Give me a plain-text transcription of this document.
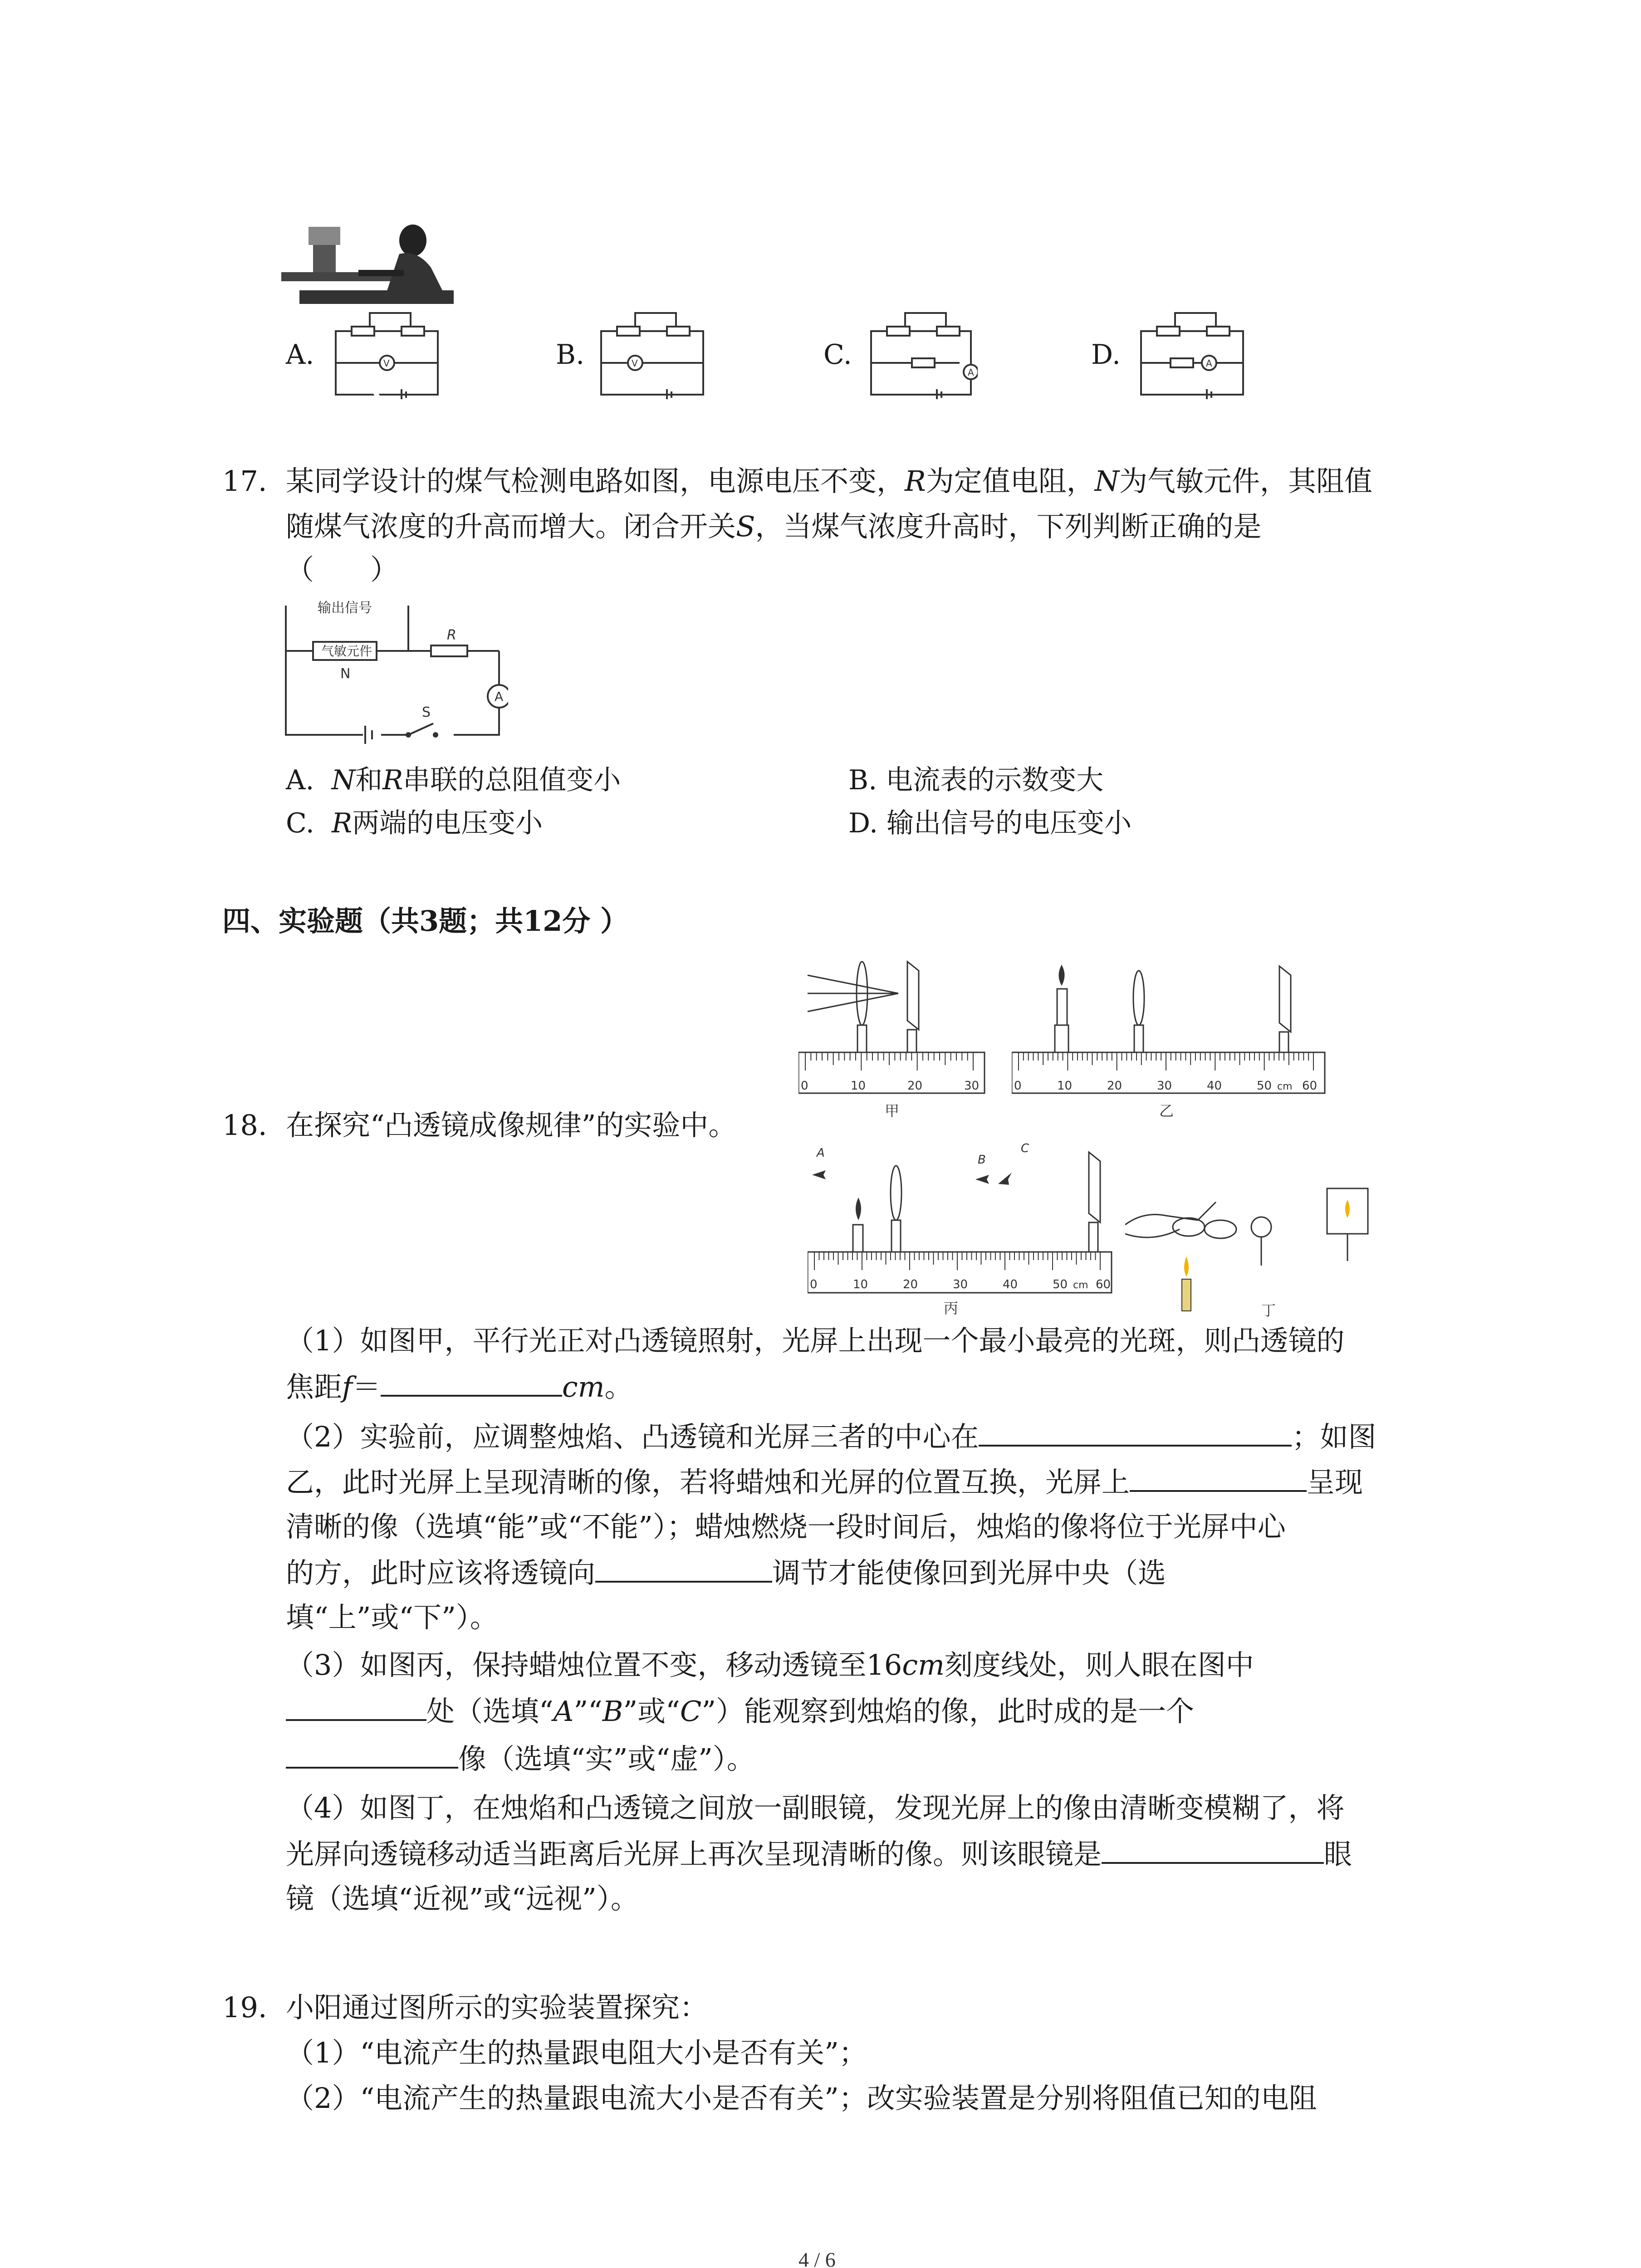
A.	B.	C.	D.
V	V
A
A
17. 某同学设计的煤气检测电路如图，电源电压不变，R为定值电阻，N为气敏元件，其阻值
随煤气浓度的升高而增大。闭合开关S，当煤气浓度升高时，下列判断正确的是
（　　）
输出信号
气敏元件
N
R
A
S
A. N和R串联的总阻值变小	B. 电流表的示数变大
C. R两端的电压变小	D. 输出信号的电压变小
四、实验题（共3题；共12分 ）
0	10	20	30
甲
0	10	20	30	40	50 cm 60
乙
18. 在探究“凸透镜成像规律”的实验中。
A	B
C
0	10	20	30	40	50 cm 60
丙	丁
（1）如图甲，平行光正对凸透镜照射，光屏上出现一个最小最亮的光斑，则凸透镜的
焦距f＝	cm。
（2）实验前，应调整烛焰、凸透镜和光屏三者的中心在	；如图
乙，此时光屏上呈现清晰的像，若将蜡烛和光屏的位置互换，光屏上	呈现
清晰的像（选填“能”或“不能”）；蜡烛燃烧一段时间后，烛焰的像将位于光屏中心
的方，此时应该将透镜向	调节才能使像回到光屏中央（选
填“上”或“下”）。
（3）如图丙，保持蜡烛位置不变，移动透镜至16cm刻度线处，则人眼在图中
处（选填“A”“B”或“C”）能观察到烛焰的像，此时成的是一个
像（选填“实”或“虚”）。
（4）如图丁，在烛焰和凸透镜之间放一副眼镜，发现光屏上的像由清晰变模糊了，将
光屏向透镜移动适当距离后光屏上再次呈现清晰的像。则该眼镜是	眼
镜（选填“近视”或“远视”）。
19. 小阳通过图所示的实验装置探究：
（1）“电流产生的热量跟电阻大小是否有关”；
（2）“电流产生的热量跟电流大小是否有关”；改实验装置是分别将阻值已知的电阻
4 / 6
